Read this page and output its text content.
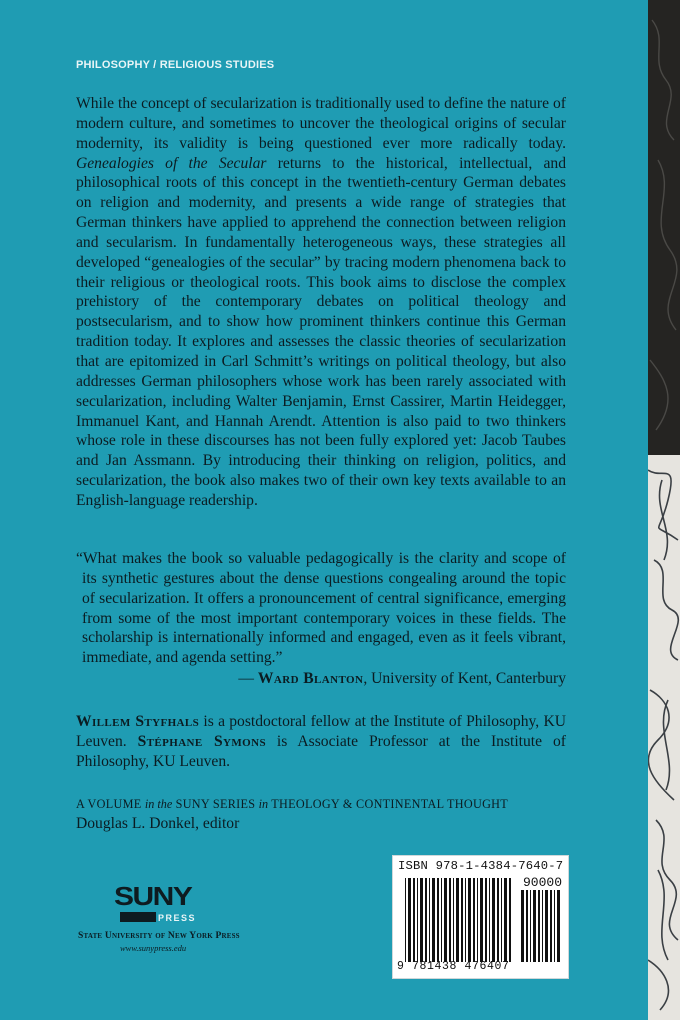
PHILOSOPHY / RELIGIOUS STUDIES
While the concept of secularization is traditionally used to define the nature of modern culture, and sometimes to uncover the theological origins of secular modernity, its validity is being questioned ever more radically today. Genealogies of the Secular returns to the historical, intellectual, and philosophical roots of this concept in the twentieth-century German debates on religion and modernity, and presents a wide range of strategies that German thinkers have applied to apprehend the connection between religion and secularism. In fundamentally heterogeneous ways, these strategies all developed “genealogies of the secular” by tracing modern phenomena back to their religious or theological roots. This book aims to disclose the complex prehistory of the contemporary debates on political theology and postsecularism, and to show how prominent thinkers continue this German tradition today. It explores and assesses the classic theories of secularization that are epitomized in Carl Schmitt’s writings on political theology, but also addresses German philosophers whose work has been rarely associated with secularization, including Walter Benjamin, Ernst Cassirer, Martin Heidegger, Immanuel Kant, and Hannah Arendt. Attention is also paid to two thinkers whose role in these discourses has not been fully explored yet: Jacob Taubes and Jan Assmann. By introducing their thinking on religion, politics, and secularization, the book also makes two of their own key texts available to an English-language readership.
“What makes the book so valuable pedagogically is the clarity and scope of its synthetic gestures about the dense questions congealing around the topic of secularization. It offers a pronouncement of central significance, emerging from some of the most important contemporary voices in these fields. The scholarship is internationally informed and engaged, even as it feels vibrant, immediate, and agenda setting.”
— Ward Blanton, University of Kent, Canterbury
Willem Styfhals is a postdoctoral fellow at the Institute of Philosophy, KU Leuven. Stéphane Symons is Associate Professor at the Institute of Philosophy, KU Leuven.
A VOLUME in the SUNY SERIES in THEOLOGY & CONTINENTAL THOUGHT
Douglas L. Donkel, editor
ISBN 978-1-4384-7640-7
90000
9 781438 476407
SUNY
PRESS
State University of New York Press
www.sunypress.edu
